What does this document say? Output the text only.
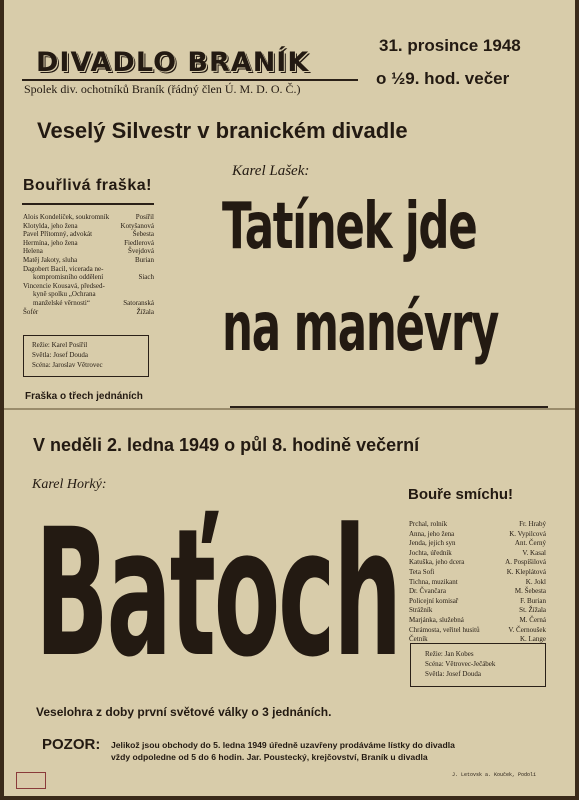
DIVADLO BRANÍK
Spolek div. ochotníků Braník (řádný člen Ú. M. D. O. Č.)
31. prosince 1948
o ½9. hod. večer
Veselý Silvestr v branickém divadle
Bouřlivá fraška!
Karel Lašek:
Tatínek jde
na manévry
Alois Kondelíček, soukromník	Posířil
Klotylda, jeho žena	Kotyšanová
Pavel Přítomný, advokát	Šebesta
Hermína, jeho žena	Fiedlerová
Helena	Švejdová
Matěj Jakoty, sluha	Burian
Dagobert Bacil, vicerada ne-
kompromisního oddělení	Siach
Vincencie Kousavá, předsed-
kyně spolku „Ochrana
manželské věrnosti“	Satoranská
Šofér	Žížala
Režie: Karel Posířil
Světla: Josef Douda
Scéna: Jaroslav Větrovec
Fraška o třech jednáních
V neděli 2. ledna 1949 o půl 8. hodině večerní
Karel Horký:
Baťoch Bouře smíchu!
Prchal, rolník	Fr. Hrabý
Anna, jeho žena	K. Vypilcová
Jenda, jejich syn	Ant. Černý
Jochta, úředník	V. Kasal
Katuška, jeho dcera	A. Pospíšilová
Teta Sofi	K. Kleplátová
Tichna, muzikant	K. Jokl
Dr. Čvančara	M. Šebesta
Policejní komisař	F. Burian
Strážník	St. Žížala
Marjánka, služebná	M. Černá
Chrámosta, veřitel husitů	V. Černoušek
Četník	K. Lange
Režie: Jan Kobes
Scéna: Větrovec-Ječábek
Světla: Josef Douda
Veselohra z doby první světové války o 3 jednáních.
POZOR: Jelikož jsou obchody do 5. ledna 1949 úředně uzavřeny prodáváme lístky do divadla
vždy odpoledne od 5 do 6 hodin. Jar. Poustecký, krejčovství, Braník u divadla
J. Letovsk a. Kouček, Podolí
